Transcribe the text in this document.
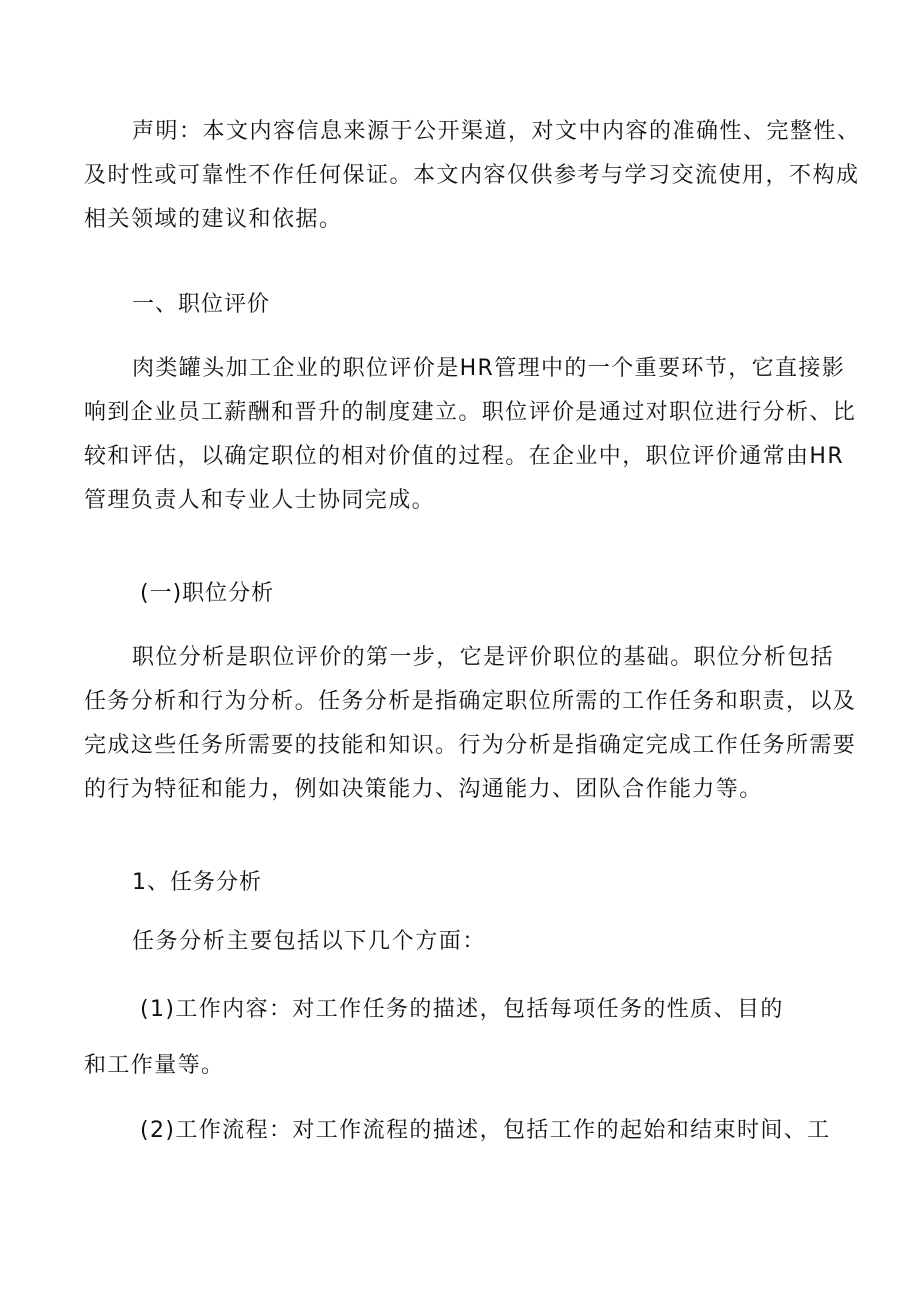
声明：本文内容信息来源于公开渠道，对文中内容的准确性、完整性、
及时性或可靠性不作任何保证。本文内容仅供参考与学习交流使用，不构成
相关领域的建议和依据。
一、职位评价
肉类罐头加工企业的职位评价是HR管理中的一个重要环节，它直接影
响到企业员工薪酬和晋升的制度建立。职位评价是通过对职位进行分析、比
较和评估，以确定职位的相对价值的过程。在企业中，职位评价通常由HR
管理负责人和专业人士协同完成。
(一)职位分析
职位分析是职位评价的第一步，它是评价职位的基础。职位分析包括
任务分析和行为分析。任务分析是指确定职位所需的工作任务和职责，以及
完成这些任务所需要的技能和知识。行为分析是指确定完成工作任务所需要
的行为特征和能力，例如决策能力、沟通能力、团队合作能力等。
1、任务分析
任务分析主要包括以下几个方面：
(1)工作内容：对工作任务的描述，包括每项任务的性质、目的
和工作量等。
(2)工作流程：对工作流程的描述，包括工作的起始和结束时间、工
